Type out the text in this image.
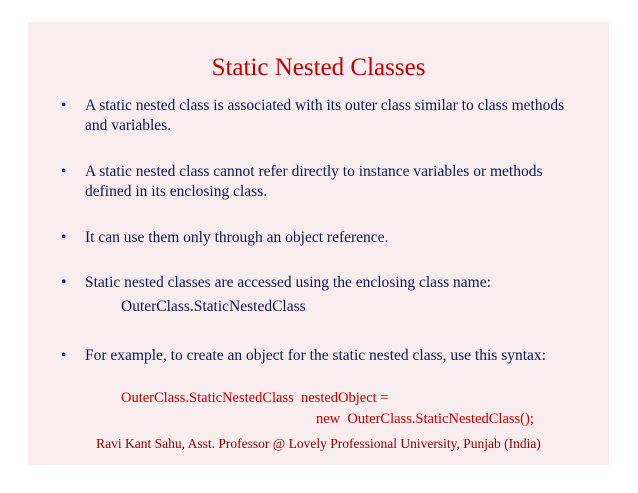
Static Nested Classes
• A static nested class is associated with its outer class similar to class methods and variables.
• A static nested class cannot refer directly to instance variables or methods defined in its enclosing class.
• It can use them only through an object reference.
• Static nested classes are accessed using the enclosing class name:
OuterClass.StaticNestedClass
• For example, to create an object for the static nested class, use this syntax:
OuterClass.StaticNestedClass  nestedObject =
new  OuterClass.StaticNestedClass();
Ravi Kant Sahu, Asst. Professor @ Lovely Professional University, Punjab (India)
